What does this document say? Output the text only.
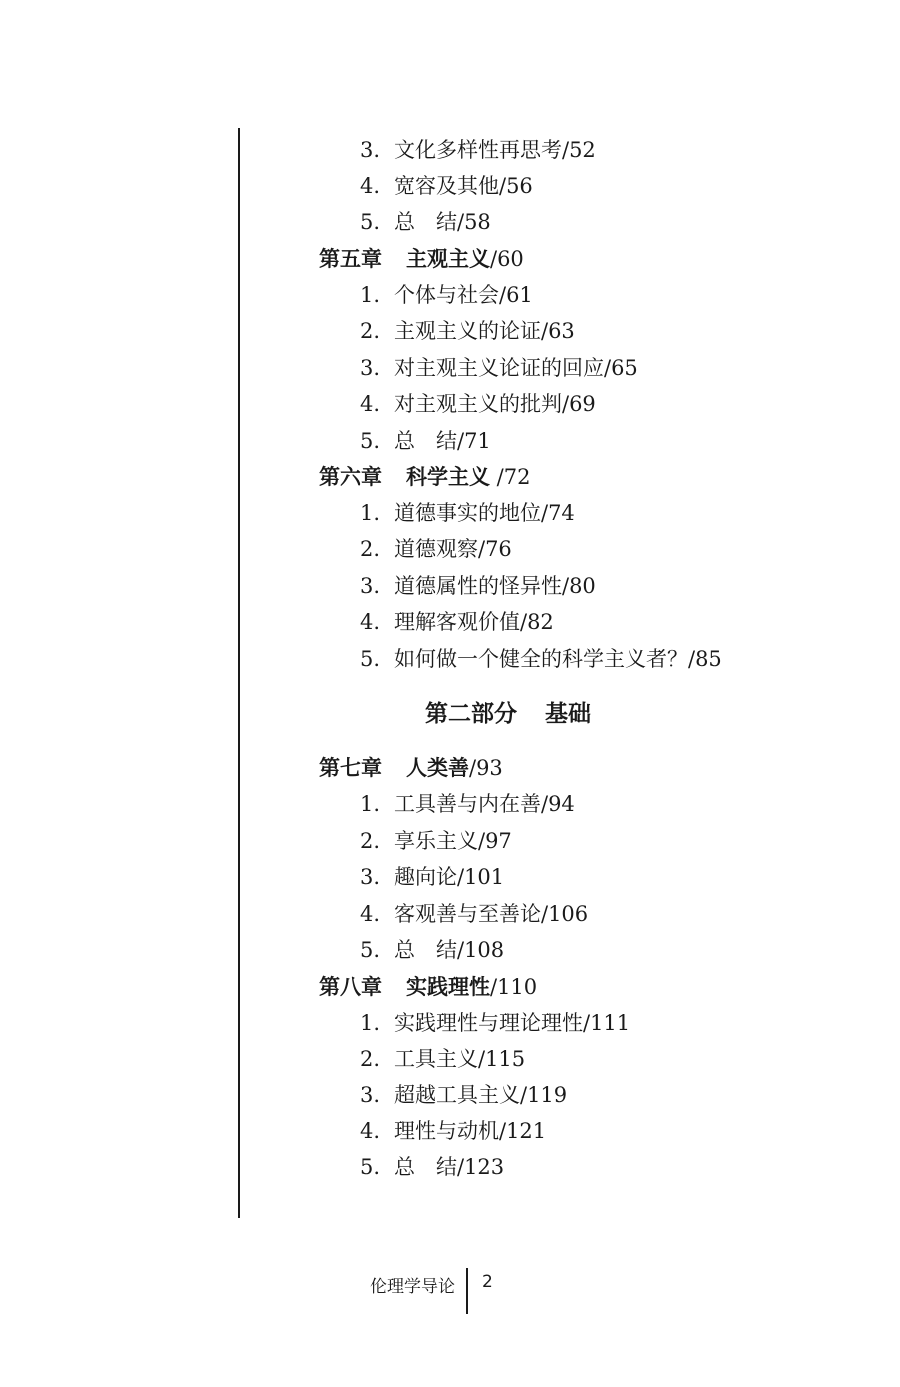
3. 文化多样性再思考/52
4. 宽容及其他/56
5. 总　结/58
第五章 主观主义/60
1. 个体与社会/61
2. 主观主义的论证/63
3. 对主观主义论证的回应/65
4. 对主观主义的批判/69
5. 总　结/71
第六章 科学主义 /72
1. 道德事实的地位/74
2. 道德观察/76
3. 道德属性的怪异性/80
4. 理解客观价值/82
5. 如何做一个健全的科学主义者？/85
第二部分 基础
第七章 人类善/93
1. 工具善与内在善/94
2. 享乐主义/97
3. 趣向论/101
4. 客观善与至善论/106
5. 总　结/108
第八章 实践理性/110
1. 实践理性与理论理性/111
2. 工具主义/115
3. 超越工具主义/119
4. 理性与动机/121
5. 总　结/123
伦理学导论 2
